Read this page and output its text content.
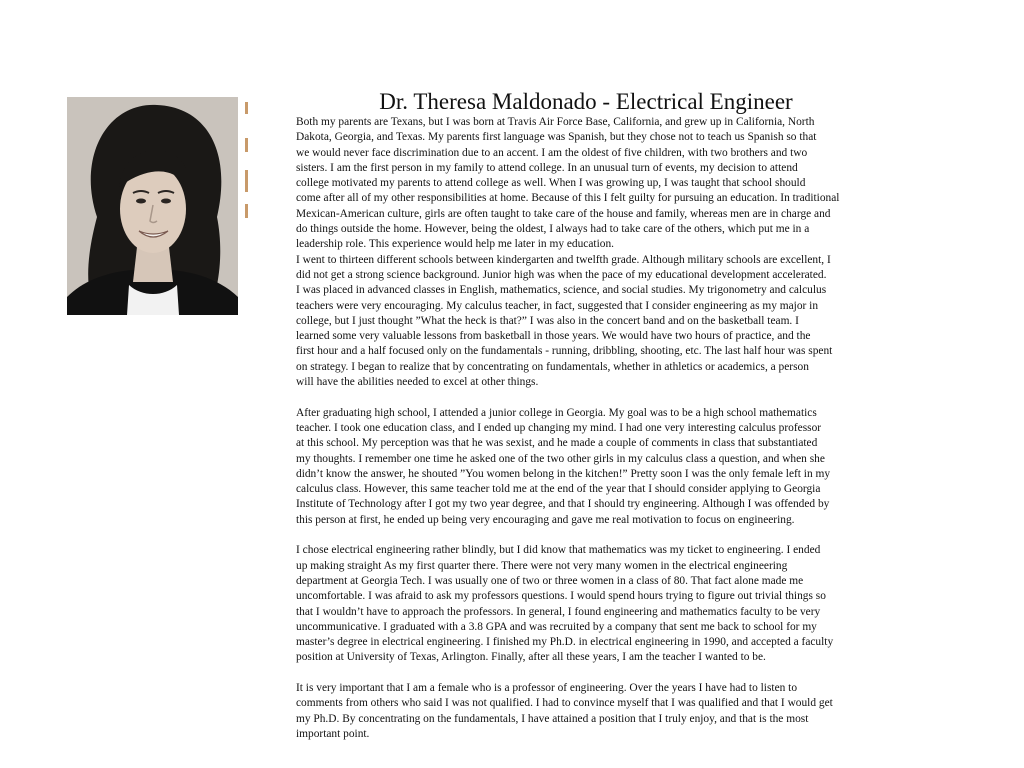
Dr. Theresa Maldonado - Electrical Engineer
Both my parents are Texans, but I was born at Travis Air Force Base, California, and grew up in California, North
Dakota, Georgia, and Texas. My parents first language was Spanish, but they chose not to teach us Spanish so that
we would never face discrimination due to an accent. I am the oldest of five children, with two brothers and two
sisters. I am the first person in my family to attend college. In an unusual turn of events, my decision to attend
college motivated my parents to attend college as well. When I was growing up, I was taught that school should
come after all of my other responsibilities at home. Because of this I felt guilty for pursuing an education. In traditional
Mexican-American culture, girls are often taught to take care of the house and family, whereas men are in charge and
do things outside the home. However, being the oldest, I always had to take care of the others, which put me in a
leadership role. This experience would help me later in my education.
I went to thirteen different schools between kindergarten and twelfth grade. Although military schools are excellent, I
did not get a strong science background. Junior high was when the pace of my educational development accelerated.
I was placed in advanced classes in English, mathematics, science, and social studies. My trigonometry and calculus
teachers were very encouraging. My calculus teacher, in fact, suggested that I consider engineering as my major in
college, but I just thought ”What the heck is that?” I was also in the concert band and on the basketball team. I
learned some very valuable lessons from basketball in those years. We would have two hours of practice, and the
first hour and a half focused only on the fundamentals - running, dribbling, shooting, etc. The last half hour was spent
on strategy. I began to realize that by concentrating on fundamentals, whether in athletics or academics, a person
will have the abilities needed to excel at other things.
After graduating high school, I attended a junior college in Georgia. My goal was to be a high school mathematics
teacher. I took one education class, and I ended up changing my mind. I had one very interesting calculus professor
at this school. My perception was that he was sexist, and he made a couple of comments in class that substantiated
my thoughts. I remember one time he asked one of the two other girls in my calculus class a question, and when she
didn’t know the answer, he shouted ”You women belong in the kitchen!” Pretty soon I was the only female left in my
calculus class. However, this same teacher told me at the end of the year that I should consider applying to Georgia
Institute of Technology after I got my two year degree, and that I should try engineering. Although I was offended by
this person at first, he ended up being very encouraging and gave me real motivation to focus on engineering.
I chose electrical engineering rather blindly, but I did know that mathematics was my ticket to engineering. I ended
up making straight As my first quarter there. There were not very many women in the electrical engineering
department at Georgia Tech. I was usually one of two or three women in a class of 80. That fact alone made me
uncomfortable. I was afraid to ask my professors questions. I would spend hours trying to figure out trivial things so
that I wouldn’t have to approach the professors. In general, I found engineering and mathematics faculty to be very
uncommunicative. I graduated with a 3.8 GPA and was recruited by a company that sent me back to school for my
master’s degree in electrical engineering. I finished my Ph.D. in electrical engineering in 1990, and accepted a faculty
position at University of Texas, Arlington. Finally, after all these years, I am the teacher I wanted to be.
It is very important that I am a female who is a professor of engineering. Over the years I have had to listen to
comments from others who said I was not qualified. I had to convince myself that I was qualified and that I would get
my Ph.D. By concentrating on the fundamentals, I have attained a position that I truly enjoy, and that is the most
important point.
